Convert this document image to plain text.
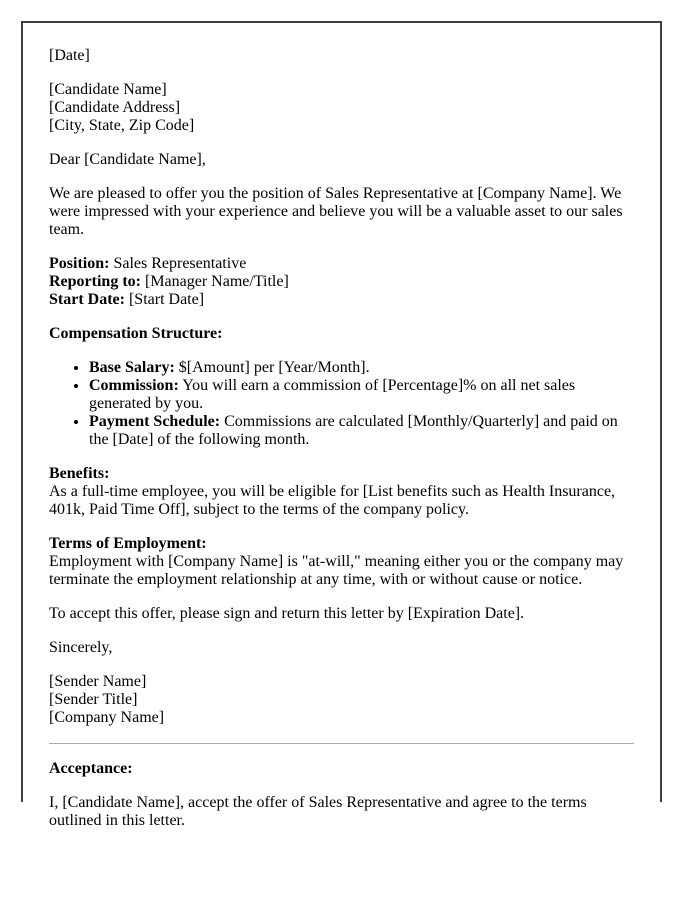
[Date]

[Candidate Name]
[Candidate Address]
[City, State, Zip Code]

Dear [Candidate Name],

We are pleased to offer you the position of Sales Representative at [Company Name]. We were impressed with your experience and believe you will be a valuable asset to our sales team.

Position: Sales Representative
Reporting to: [Manager Name/Title]
Start Date: [Start Date]

Compensation Structure:

• Base Salary: $[Amount] per [Year/Month].
• Commission: You will earn a commission of [Percentage]% on all net sales generated by you.
• Payment Schedule: Commissions are calculated [Monthly/Quarterly] and paid on the [Date] of the following month.

Benefits:
As a full-time employee, you will be eligible for [List benefits such as Health Insurance, 401k, Paid Time Off], subject to the terms of the company policy.

Terms of Employment:
Employment with [Company Name] is "at-will," meaning either you or the company may terminate the employment relationship at any time, with or without cause or notice.

To accept this offer, please sign and return this letter by [Expiration Date].

Sincerely,

[Sender Name]
[Sender Title]
[Company Name]

Acceptance:

I, [Candidate Name], accept the offer of Sales Representative and agree to the terms outlined in this letter.
